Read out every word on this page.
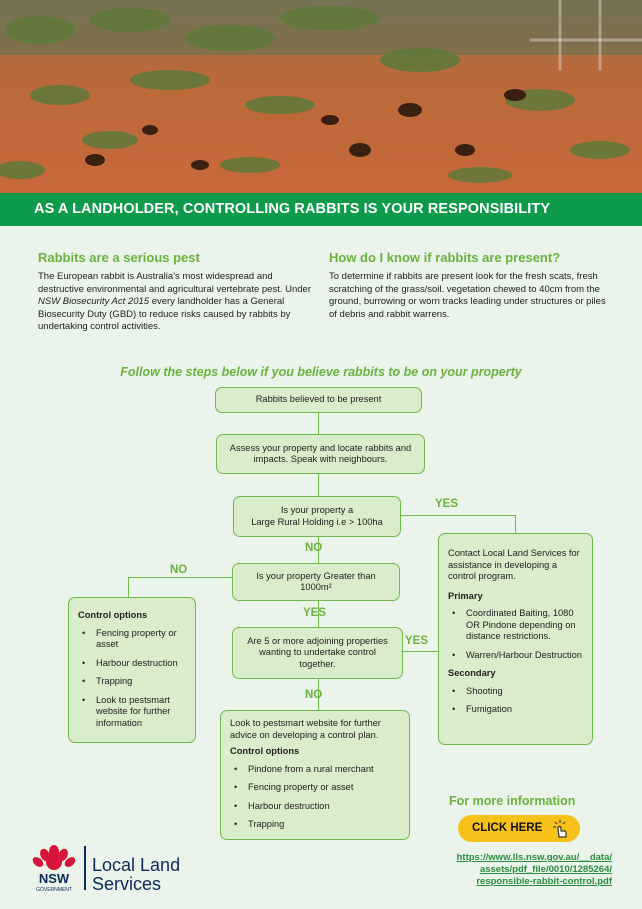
AS A LANDHOLDER, CONTROLLING RABBITS IS YOUR RESPONSIBILITY
Rabbits are a serious pest

The European rabbit is Australia's most widespread and destructive environmental and agricultural vertebrate pest. Under NSW Biosecurity Act 2015 every landholder has a General Biosecurity Duty (GBD) to reduce risks caused by rabbits by undertaking control activities.

How do I know if rabbits are present?

To determine if rabbits are present look for the fresh scats, fresh scratching of the grass/soil. vegetation chewed to 40cm from the ground, burrowing or worn tracks leading under structures or piles of debris and rabbit warrens.

Follow the steps below if you believe rabbits to be on your property
Rabbits believed to be present
Assess your property and locate rabbits and impacts. Speak with neighbours.
Is your property a
Large Rural Holding i.e > 100ha
Is your property Greater than 1000m²
Are 5 or more adjoining properties wanting to undertake control together.
YES
NO
NO
YES
YES
NO
Control options
• Fencing property or asset
• Harbour destruction
• Trapping
• Look to pestsmart website for further information
Contact Local Land Services for assistance in developing a control program.
Primary
• Coordinated Baiting, 1080 OR Pindone depending on distance restrictions.
• Warren/Harbour Destruction
Secondary
• Shooting
• Fumigation
Look to pestsmart website for further advice on developing a control plan.
Control options
• Pindone from a rural merchant
• Fencing property or asset
• Harbour destruction
• Trapping
For more information
CLICK HERE
https://www.lls.nsw.gov.au/__data/
assets/pdf_file/0010/1285264/
responsible-rabbit-control.pdf
NSW
GOVERNMENT
Local Land
Services
